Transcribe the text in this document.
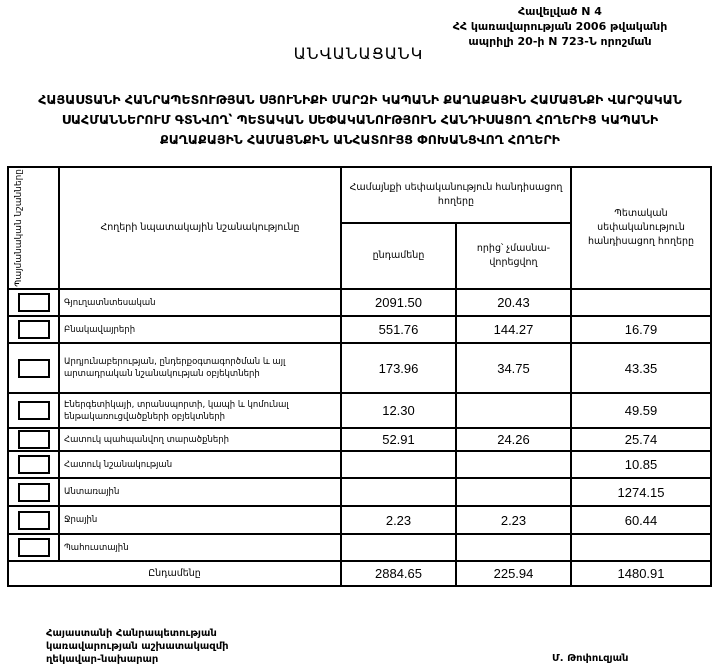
Հավելված N 4
ՀՀ կառավարության 2006 թվականի
ապրիլի 20-ի N 723-Ն որոշման
ԱՆՎԱՆԱՑԱՆԿ
ՀԱՅԱՍՏԱՆԻ ՀԱՆՐԱՊԵՏՈՒԹՅԱՆ ՍՅՈՒՆԻՔԻ ՄԱՐԶԻ ԿԱՊԱՆԻ ՔԱՂԱՔԱՅԻՆ ՀԱՄԱՅՆՔԻ ՎԱՐՉԱԿԱՆ ՍԱՀՄԱՆՆԵՐՈՒՄ ԳՏՆՎՈՂ՝ ՊԵՏԱԿԱՆ ՍԵՓԱԿԱՆՈՒԹՅՈՒՆ ՀԱՆԴԻՍԱՑՈՂ ՀՈՂԵՐԻՑ ԿԱՊԱՆԻ ՔԱՂԱՔԱՅԻՆ ՀԱՄԱՅՆՔԻՆ ԱՆՀԱՏՈՒՅՑ ՓՈԽԱՆՑՎՈՂ ՀՈՂԵՐԻ
Պայմանական նշանները	Հողերի նպատակային նշանակությունը	Համայնքի սեփականություն հանդիսացող հողերը		Պետական սեփականություն հանդիսացող հողերը
		ընդամենը	որից՝ չմասնա-վորեցվող	

	Գյուղատնտեսական	2091.50	20.43	

	Բնակավայրերի	551.76	144.27	16.79

	Արդյունաբերության, ընդերքօգտագործման և այլ արտադրական նշանակության օբյեկտների	173.96	34.75	43.35

	Էներգետիկայի, տրանսպորտի, կապի և կոմունալ ենթակառուցվածքների օբյեկտների	12.30		49.59

	Հատուկ պահպանվող տարածքների	52.91	24.26	25.74

	Հատուկ նշանակության			10.85

	Անտառային			1274.15

	Ջրային	2.23	2.23	60.44

	Պահուստային			
Ընդամենը		2884.65	225.94	1480.91
Հայաստանի Հանրապետության
կառավարության աշխատակազմի
ղեկավար-նախարար	Մ. Թոփուզյան
